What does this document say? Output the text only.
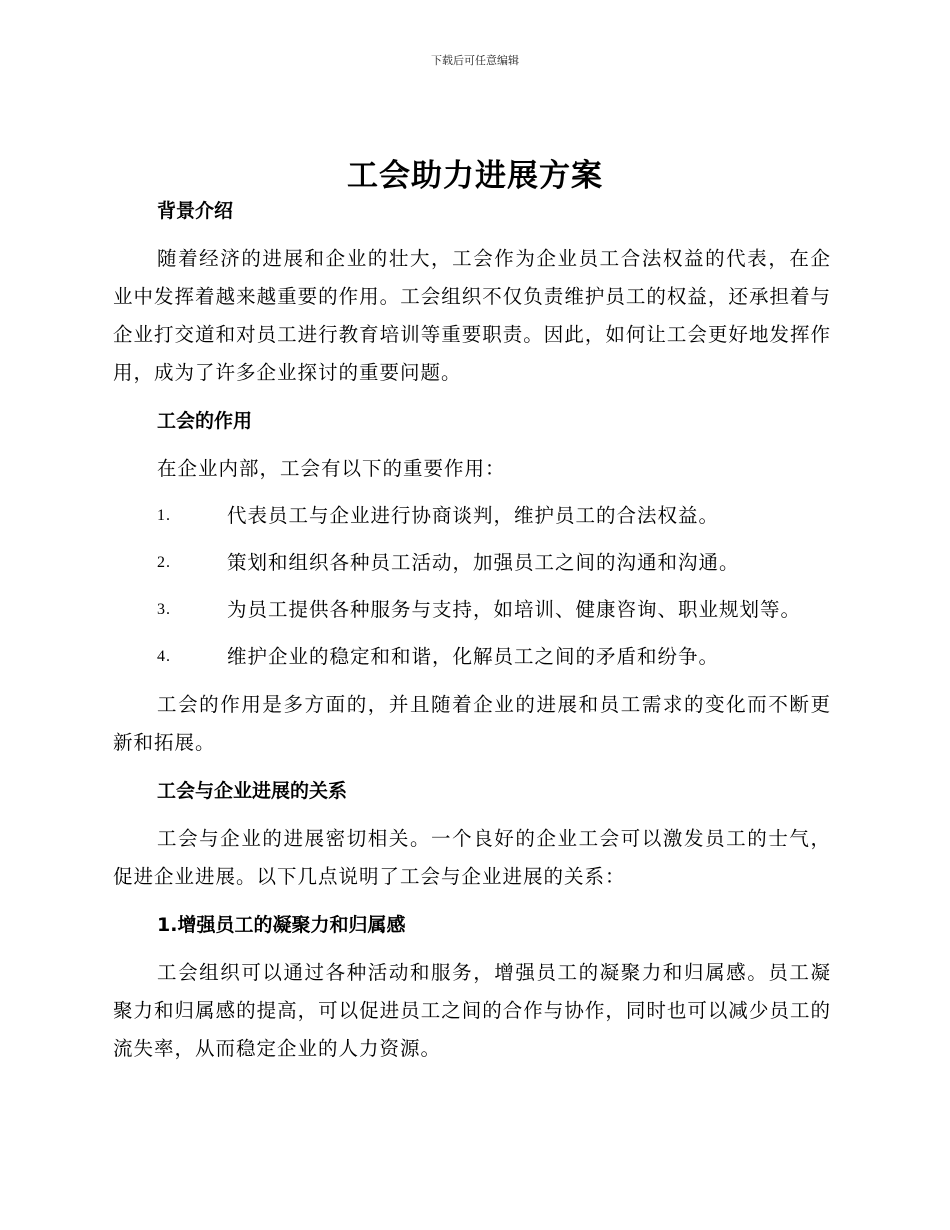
下载后可任意编辑
工会助力进展方案
背景介绍

随着经济的进展和企业的壮大，工会作为企业员工合法权益的代表，在企业中发挥着越来越重要的作用。工会组织不仅负责维护员工的权益，还承担着与企业打交道和对员工进行教育培训等重要职责。因此，如何让工会更好地发挥作用，成为了许多企业探讨的重要问题。

工会的作用

在企业内部，工会有以下的重要作用：

1.	代表员工与企业进行协商谈判，维护员工的合法权益。
2.	策划和组织各种员工活动，加强员工之间的沟通和沟通。
3.	为员工提供各种服务与支持，如培训、健康咨询、职业规划等。
4.	维护企业的稳定和和谐，化解员工之间的矛盾和纷争。

工会的作用是多方面的，并且随着企业的进展和员工需求的变化而不断更新和拓展。

工会与企业进展的关系

工会与企业的进展密切相关。一个良好的企业工会可以激发员工的士气，促进企业进展。以下几点说明了工会与企业进展的关系：

1.增强员工的凝聚力和归属感

工会组织可以通过各种活动和服务，增强员工的凝聚力和归属感。员工凝聚力和归属感的提高，可以促进员工之间的合作与协作，同时也可以减少员工的流失率，从而稳定企业的人力资源。
